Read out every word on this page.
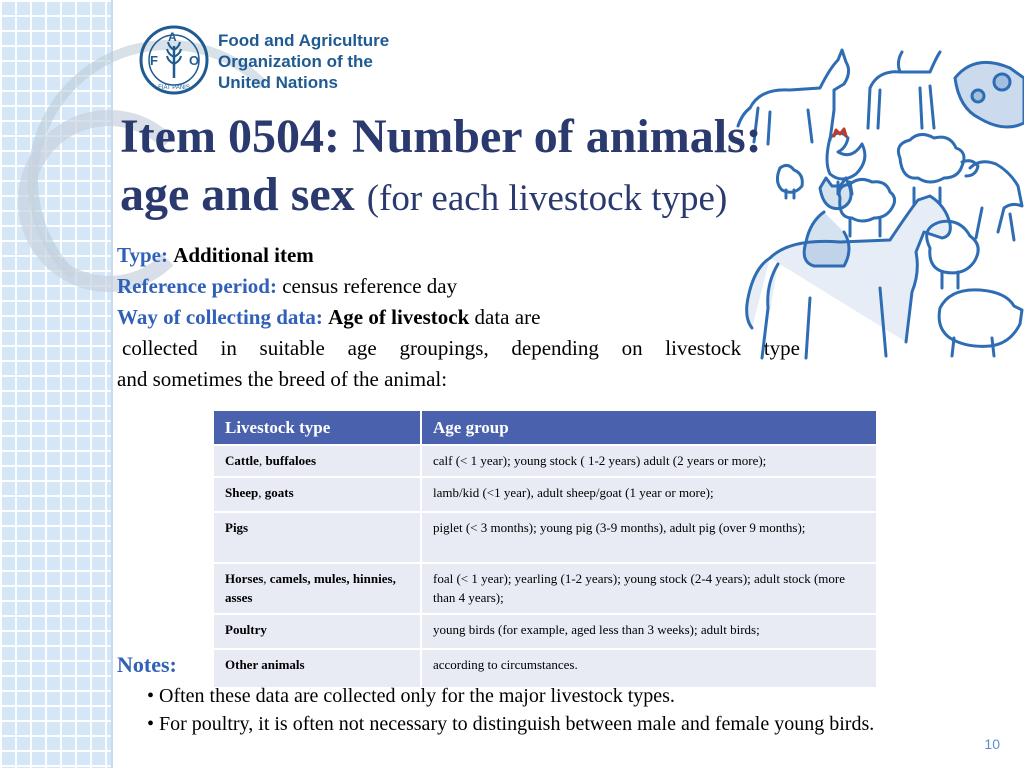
F
A
O
FIAT PANIS
Food and Agriculture
Organization of the
United Nations
Item 0504: Number of animals:
age and sex (for each livestock type)
Type: Additional item
Reference period: census reference day
Way of collecting data: Age of livestock data are
collected in suitable age groupings, depending on livestock type
and sometimes the breed of the animal:
Livestock type	Age group
Cattle, buffaloes	calf (< 1 year); young stock ( 1-2 years) adult (2 years or more);
Sheep, goats	lamb/kid (<1 year), adult sheep/goat (1 year or more);
Pigs	piglet (< 3 months); young pig (3-9 months), adult pig (over 9 months);
Horses, camels, mules, hinnies, asses	foal (< 1 year); yearling (1-2 years); young stock (2-4 years); adult stock (more than 4 years);
Poultry	young birds (for example, aged less than 3 weeks); adult birds;
Other animals	according to circumstances.
Notes:
• Often these data are collected only for the major livestock types.
• For poultry, it is often not necessary to distinguish between male and female young birds.
10
